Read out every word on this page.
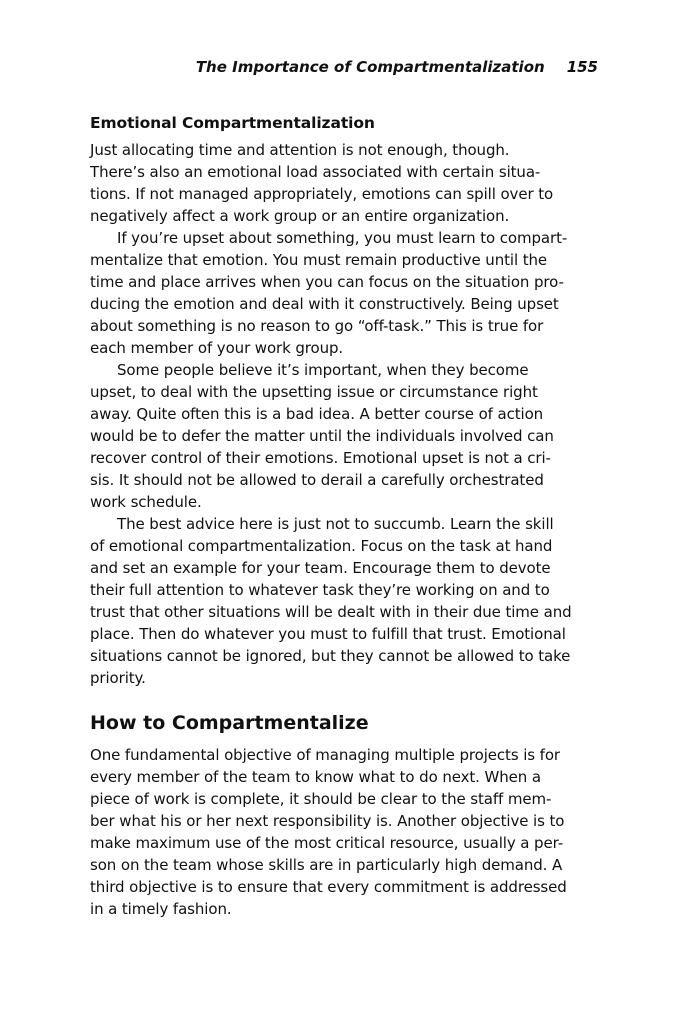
The Importance of Compartmentalization 155
Emotional Compartmentalization
Just allocating time and attention is not enough, though.
There’s also an emotional load associated with certain situa-
tions. If not managed appropriately, emotions can spill over to
negatively affect a work group or an entire organization.
If you’re upset about something, you must learn to compart-
mentalize that emotion. You must remain productive until the
time and place arrives when you can focus on the situation pro-
ducing the emotion and deal with it constructively. Being upset
about something is no reason to go “off-task.” This is true for
each member of your work group.
Some people believe it’s important, when they become
upset, to deal with the upsetting issue or circumstance right
away. Quite often this is a bad idea. A better course of action
would be to defer the matter until the individuals involved can
recover control of their emotions. Emotional upset is not a cri-
sis. It should not be allowed to derail a carefully orchestrated
work schedule.
The best advice here is just not to succumb. Learn the skill
of emotional compartmentalization. Focus on the task at hand
and set an example for your team. Encourage them to devote
their full attention to whatever task they’re working on and to
trust that other situations will be dealt with in their due time and
place. Then do whatever you must to fulfill that trust. Emotional
situations cannot be ignored, but they cannot be allowed to take
priority.
How to Compartmentalize
One fundamental objective of managing multiple projects is for
every member of the team to know what to do next. When a
piece of work is complete, it should be clear to the staff mem-
ber what his or her next responsibility is. Another objective is to
make maximum use of the most critical resource, usually a per-
son on the team whose skills are in particularly high demand. A
third objective is to ensure that every commitment is addressed
in a timely fashion.
